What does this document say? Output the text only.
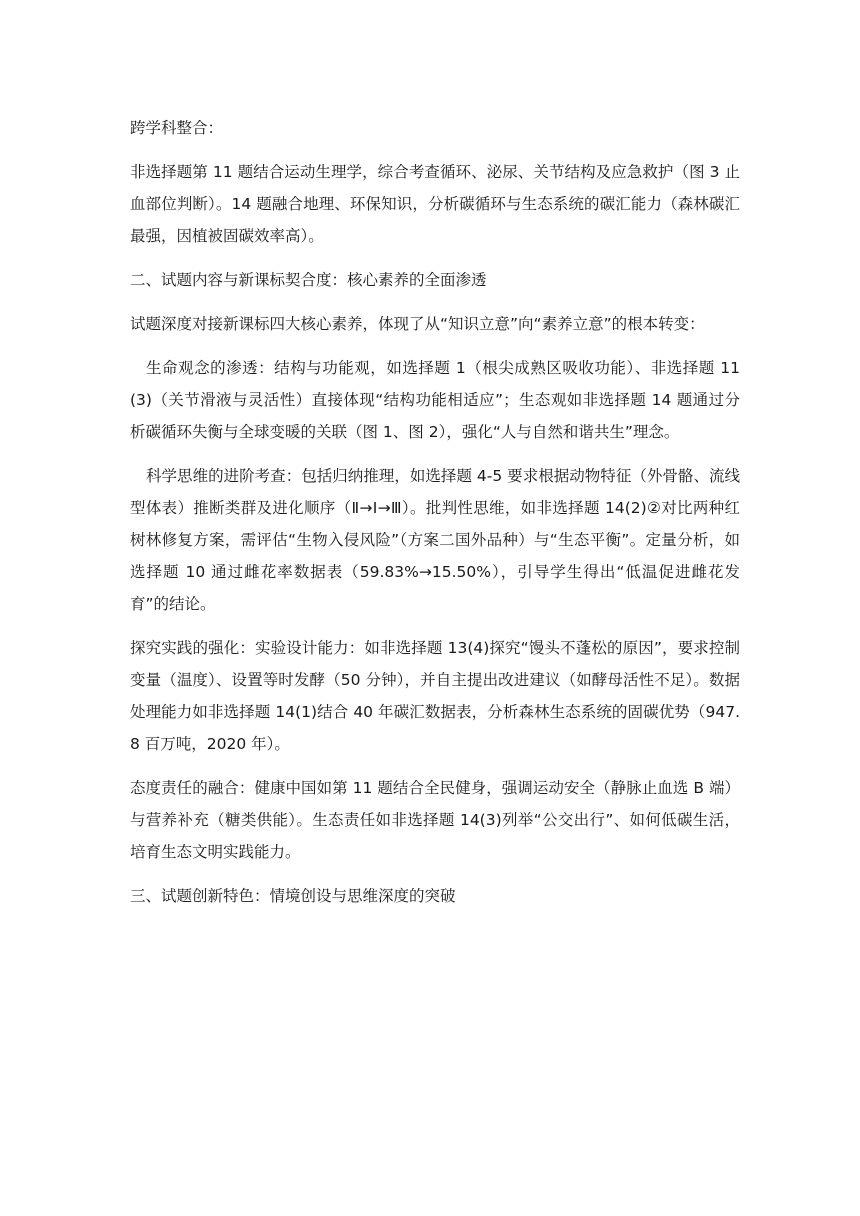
跨学科整合：

非选择题第 11 题结合运动生理学，综合考查循环、泌尿、关节结构及应急救护（图 3 止血部位判断）。14 题融合地理、环保知识，分析碳循环与生态系统的碳汇能力（森林碳汇最强，因植被固碳效率高）。

二、试题内容与新课标契合度：核心素养的全面渗透

试题深度对接新课标四大核心素养，体现了从“知识立意”向“素养立意”的根本转变：

生命观念的渗透：结构与功能观，如选择题 1（根尖成熟区吸收功能）、非选择题 11(3)（关节滑液与灵活性）直接体现“结构功能相适应”；生态观如非选择题 14 题通过分析碳循环失衡与全球变暖的关联（图 1、图 2），强化“人与自然和谐共生”理念。

科学思维的进阶考查：包括归纳推理，如选择题 4-5 要求根据动物特征（外骨骼、流线型体表）推断类群及进化顺序（Ⅱ→Ⅰ→Ⅲ）。批判性思维，如非选择题 14(2)②对比两种红树林修复方案，需评估“生物入侵风险”（方案二国外品种）与“生态平衡”。定量分析，如选择题 10 通过雌花率数据表（59.83%→15.50%），引导学生得出“低温促进雌花发育”的结论。

探究实践的强化：实验设计能力：如非选择题 13(4)探究“馒头不蓬松的原因”，要求控制变量（温度）、设置等时发酵（50 分钟），并自主提出改进建议（如酵母活性不足）。数据处理能力如非选择题 14(1)结合 40 年碳汇数据表，分析森林生态系统的固碳优势（947.8 百万吨，2020 年）。

态度责任的融合：健康中国如第 11 题结合全民健身，强调运动安全（静脉止血选 B 端）与营养补充（糖类供能）。生态责任如非选择题 14(3)列举“公交出行”、如何低碳生活，培育生态文明实践能力。

三、试题创新特色：情境创设与思维深度的突破
